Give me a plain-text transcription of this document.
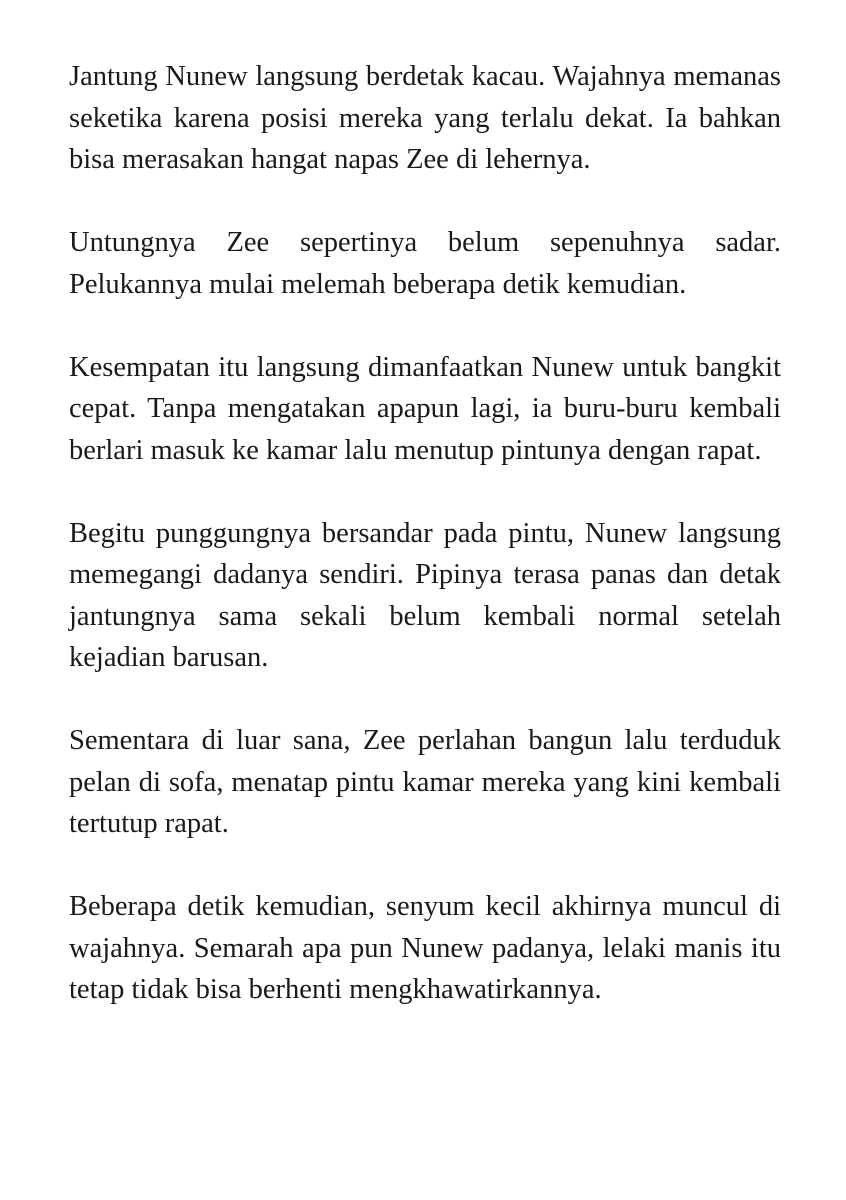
Jantung Nunew langsung berdetak kacau. Wajahnya memanas seketika karena posisi mereka yang terlalu dekat. Ia bahkan bisa merasakan hangat napas Zee di lehernya.

Untungnya Zee sepertinya belum sepenuhnya sadar. Pelukannya mulai melemah beberapa detik kemudian.

Kesempatan itu langsung dimanfaatkan Nunew untuk bangkit cepat. Tanpa mengatakan apapun lagi, ia buru-buru kembali berlari masuk ke kamar lalu menutup pintunya dengan rapat.

Begitu punggungnya bersandar pada pintu, Nunew langsung memegangi dadanya sendiri. Pipinya terasa panas dan detak jantungnya sama sekali belum kembali normal setelah kejadian barusan.

Sementara di luar sana, Zee perlahan bangun lalu terduduk pelan di sofa, menatap pintu kamar mereka yang kini kembali tertutup rapat.

Beberapa detik kemudian, senyum kecil akhirnya muncul di wajahnya. Semarah apa pun Nunew padanya, lelaki manis itu tetap tidak bisa berhenti mengkhawatirkannya.
